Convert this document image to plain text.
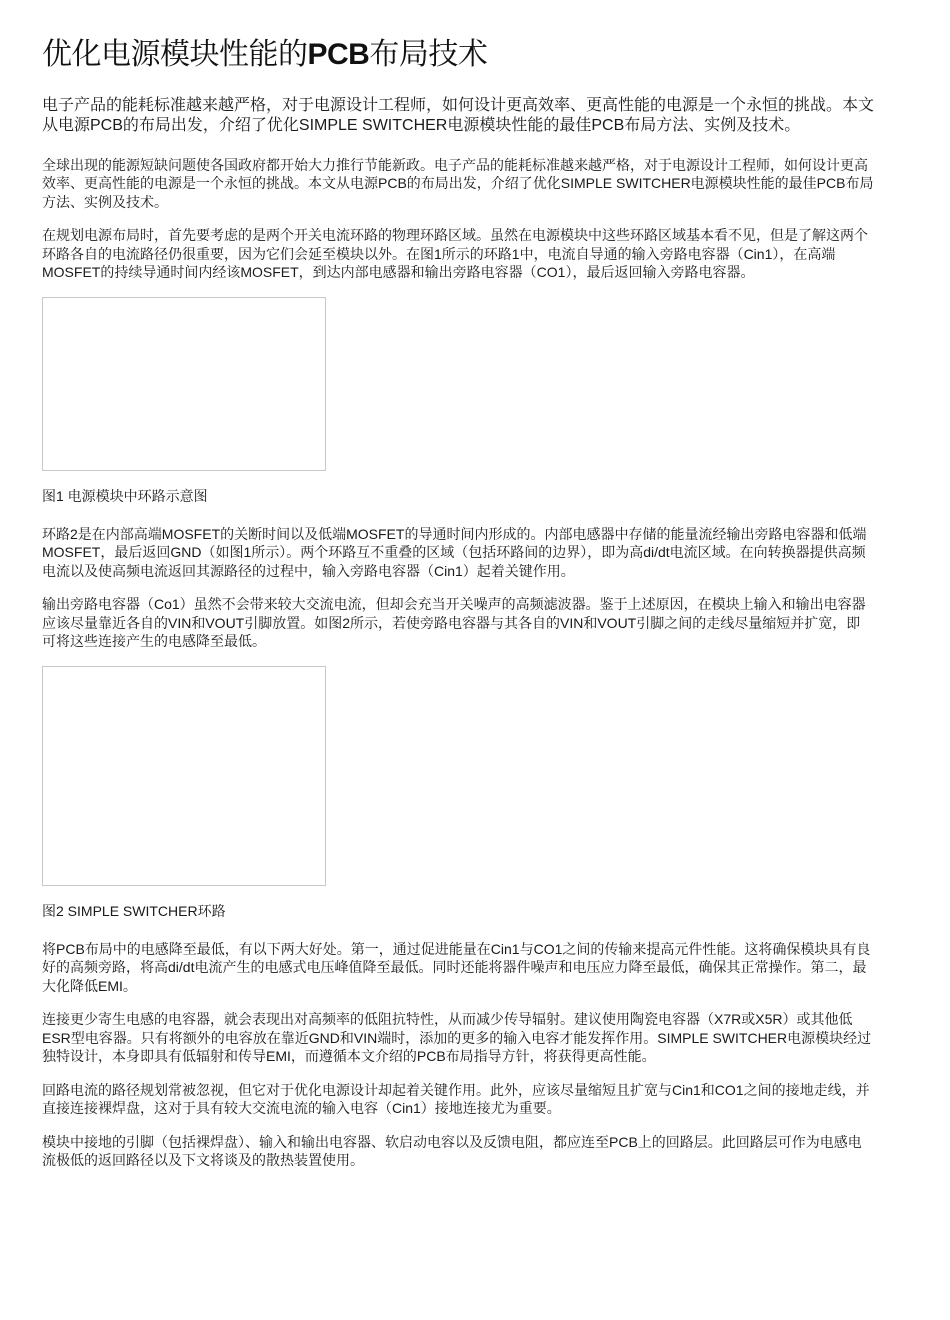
优化电源模块性能的PCB布局技术

电子产品的能耗标准越来越严格，对于电源设计工程师，如何设计更高效率、更高性能的电源是一个永恒的挑战。本文从电源PCB的布局出发，介绍了优化SIMPLE SWITCHER电源模块性能的最佳PCB布局方法、实例及技术。

全球出现的能源短缺问题使各国政府都开始大力推行节能新政。电子产品的能耗标准越来越严格，对于电源设计工程师，如何设计更高效率、更高性能的电源是一个永恒的挑战。本文从电源PCB的布局出发，介绍了优化SIMPLE SWITCHER电源模块性能的最佳PCB布局方法、实例及技术。

在规划电源布局时，首先要考虑的是两个开关电流环路的物理环路区域。虽然在电源模块中这些环路区域基本看不见，但是了解这两个环路各自的电流路径仍很重要，因为它们会延至模块以外。在图1所示的环路1中，电流自导通的输入旁路电容器（Cin1），在高端MOSFET的持续导通时间内经该MOSFET，到达内部电感器和输出旁路电容器（CO1），最后返回输入旁路电容器。

图1 电源模块中环路示意图

环路2是在内部高端MOSFET的关断时间以及低端MOSFET的导通时间内形成的。内部电感器中存储的能量流经输出旁路电容器和低端MOSFET，最后返回GND（如图1所示）。两个环路互不重叠的区域（包括环路间的边界），即为高di/dt电流区域。在向转换器提供高频电流以及使高频电流返回其源路径的过程中，输入旁路电容器（Cin1）起着关键作用。

输出旁路电容器（Co1）虽然不会带来较大交流电流，但却会充当开关噪声的高频滤波器。鉴于上述原因，在模块上输入和输出电容器应该尽量靠近各自的VIN和VOUT引脚放置。如图2所示，若使旁路电容器与其各自的VIN和VOUT引脚之间的走线尽量缩短并扩宽，即可将这些连接产生的电感降至最低。

图2 SIMPLE SWITCHER环路

将PCB布局中的电感降至最低，有以下两大好处。第一，通过促进能量在Cin1与CO1之间的传输来提高元件性能。这将确保模块具有良好的高频旁路，将高di/dt电流产生的电感式电压峰值降至最低。同时还能将器件噪声和电压应力降至最低，确保其正常操作。第二，最大化降低EMI。

连接更少寄生电感的电容器，就会表现出对高频率的低阻抗特性，从而减少传导辐射。建议使用陶瓷电容器（X7R或X5R）或其他低ESR型电容器。只有将额外的电容放在靠近GND和VIN端时，添加的更多的输入电容才能发挥作用。SIMPLE SWITCHER电源模块经过独特设计，本身即具有低辐射和传导EMI，而遵循本文介绍的PCB布局指导方针，将获得更高性能。

回路电流的路径规划常被忽视，但它对于优化电源设计却起着关键作用。此外，应该尽量缩短且扩宽与Cin1和CO1之间的接地走线，并直接连接裸焊盘，这对于具有较大交流电流的输入电容（Cin1）接地连接尤为重要。

模块中接地的引脚（包括裸焊盘）、输入和输出电容器、软启动电容以及反馈电阻，都应连至PCB上的回路层。此回路层可作为电感电流极低的返回路径以及下文将谈及的散热装置使用。
